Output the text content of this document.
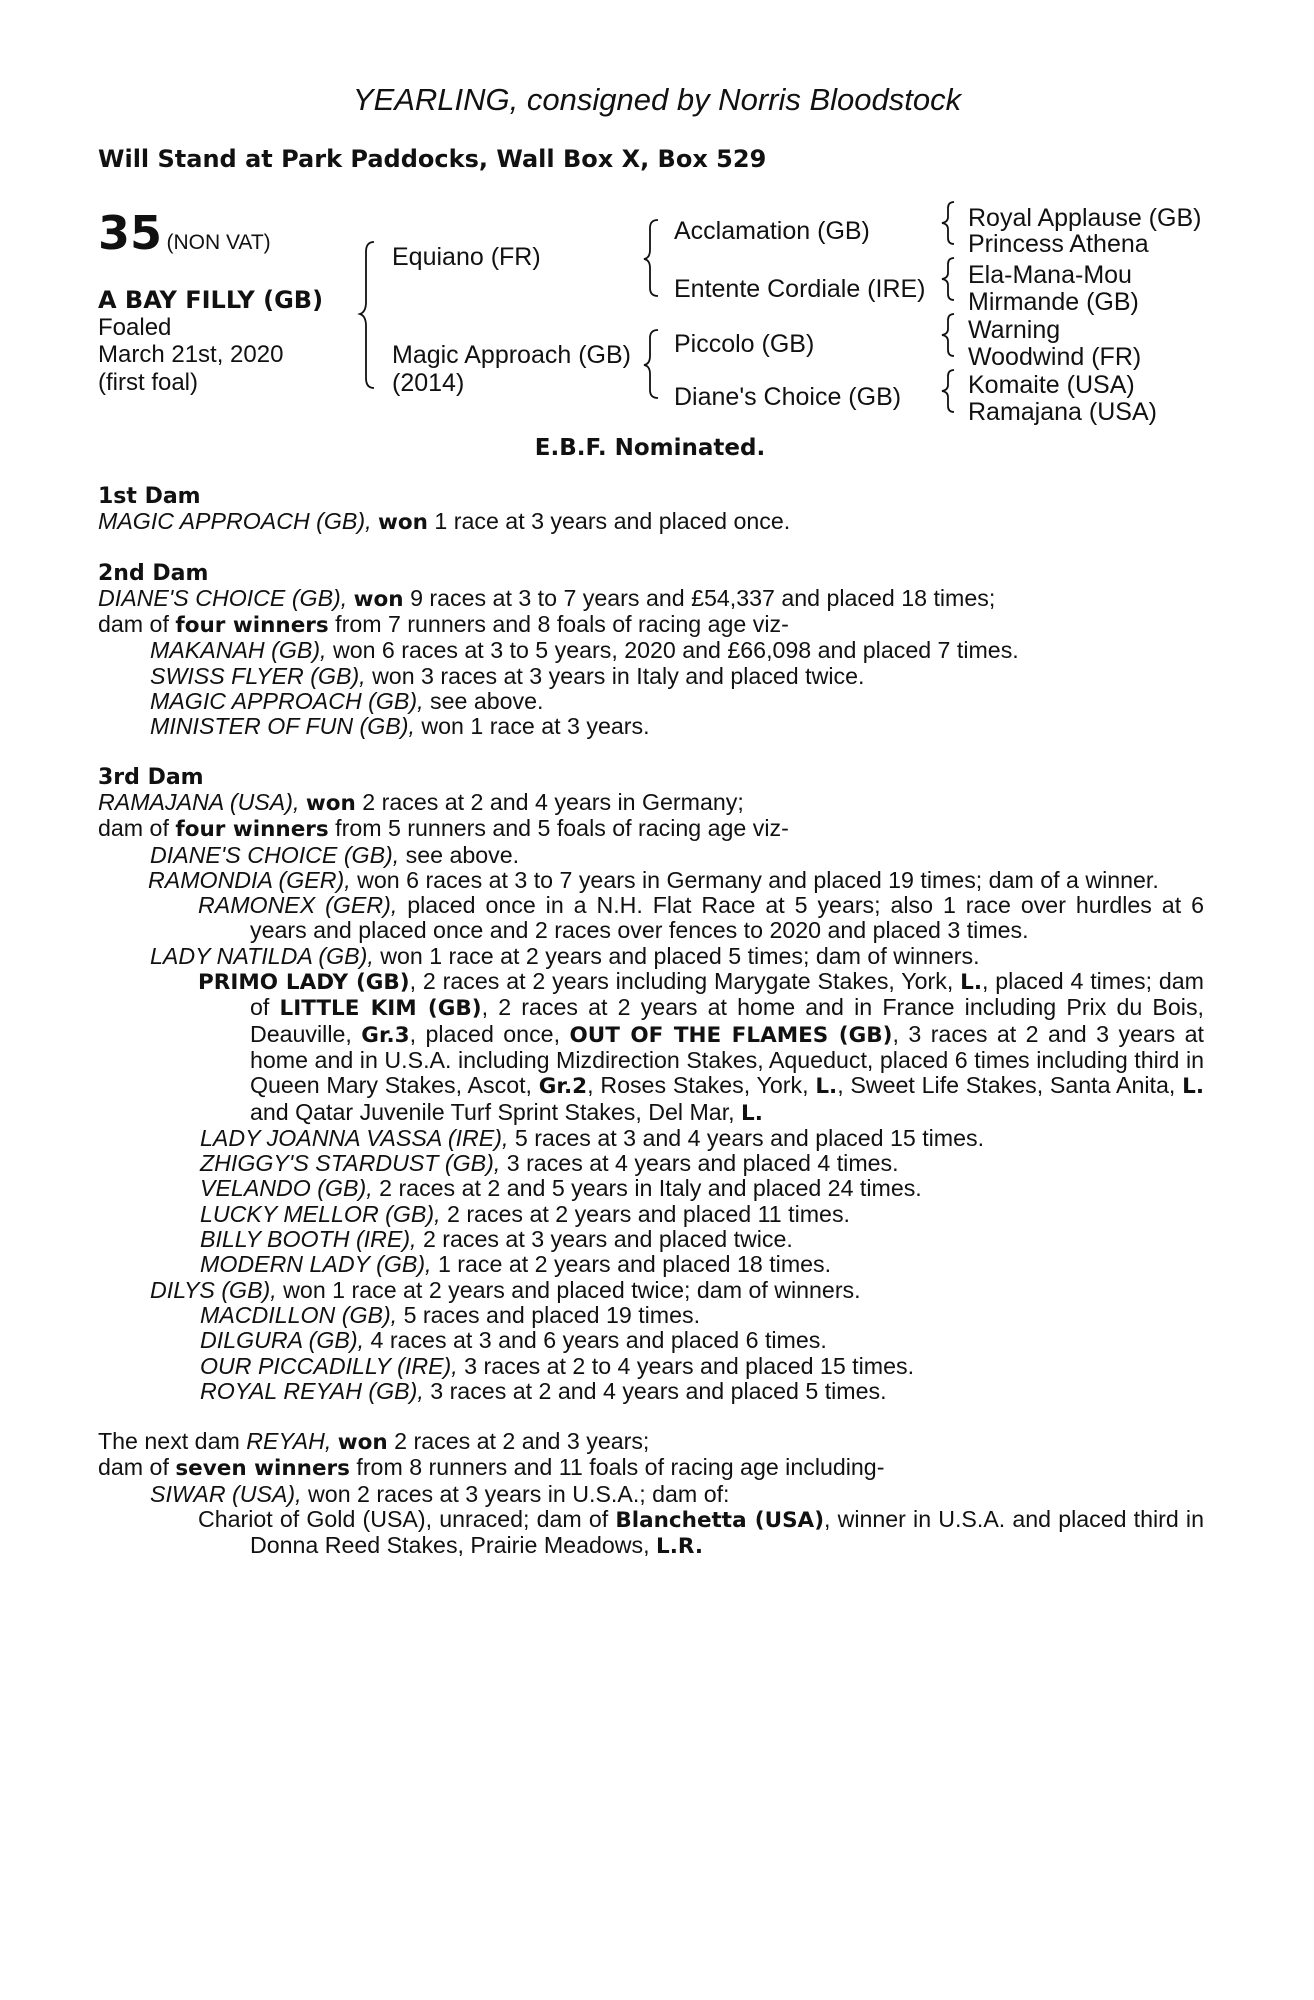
YEARLING, consigned by Norris Bloodstock
Will Stand at Park Paddocks, Wall Box X, Box 529
35 (NON VAT)
A BAY FILLY (GB)
Foaled
March 21st, 2020
(first foal)
Equiano (FR)
Magic Approach (GB)
(2014)
Acclamation (GB)
Entente Cordiale (IRE)
Piccolo (GB)
Diane's Choice (GB)
Royal Applause (GB)
Princess Athena
Ela-Mana-Mou
Mirmande (GB)
Warning
Woodwind (FR)
Komaite (USA)
Ramajana (USA)
E.B.F. Nominated.
1st Dam
MAGIC APPROACH (GB), won 1 race at 3 years and placed once.
2nd Dam
DIANE'S CHOICE (GB), won 9 races at 3 to 7 years and £54,337 and placed 18 times;
dam of four winners from 7 runners and 8 foals of racing age viz-
MAKANAH (GB), won 6 races at 3 to 5 years, 2020 and £66,098 and placed 7 times.
SWISS FLYER (GB), won 3 races at 3 years in Italy and placed twice.
MAGIC APPROACH (GB), see above.
MINISTER OF FUN (GB), won 1 race at 3 years.
3rd Dam
RAMAJANA (USA), won 2 races at 2 and 4 years in Germany;
dam of four winners from 5 runners and 5 foals of racing age viz-
DIANE'S CHOICE (GB), see above.
RAMONDIA (GER), won 6 races at 3 to 7 years in Germany and placed 19 times; dam of a winner.
RAMONEX (GER), placed once in a N.H. Flat Race at 5 years; also 1 race over hurdles at 6 years and placed once and 2 races over fences to 2020 and placed 3 times.
LADY NATILDA (GB), won 1 race at 2 years and placed 5 times; dam of winners.
PRIMO LADY (GB), 2 races at 2 years including Marygate Stakes, York, L., placed 4 times; dam of LITTLE KIM (GB), 2 races at 2 years at home and in France including Prix du Bois, Deauville, Gr.3, placed once, OUT OF THE FLAMES (GB), 3 races at 2 and 3 years at home and in U.S.A. including Mizdirection Stakes, Aqueduct, placed 6 times including third in Queen Mary Stakes, Ascot, Gr.2, Roses Stakes, York, L., Sweet Life Stakes, Santa Anita, L. and Qatar Juvenile Turf Sprint Stakes, Del Mar, L.
LADY JOANNA VASSA (IRE), 5 races at 3 and 4 years and placed 15 times.
ZHIGGY'S STARDUST (GB), 3 races at 4 years and placed 4 times.
VELANDO (GB), 2 races at 2 and 5 years in Italy and placed 24 times.
LUCKY MELLOR (GB), 2 races at 2 years and placed 11 times.
BILLY BOOTH (IRE), 2 races at 3 years and placed twice.
MODERN LADY (GB), 1 race at 2 years and placed 18 times.
DILYS (GB), won 1 race at 2 years and placed twice; dam of winners.
MACDILLON (GB), 5 races and placed 19 times.
DILGURA (GB), 4 races at 3 and 6 years and placed 6 times.
OUR PICCADILLY (IRE), 3 races at 2 to 4 years and placed 15 times.
ROYAL REYAH (GB), 3 races at 2 and 4 years and placed 5 times.
The next dam REYAH, won 2 races at 2 and 3 years;
dam of seven winners from 8 runners and 11 foals of racing age including-
SIWAR (USA), won 2 races at 3 years in U.S.A.; dam of:
Chariot of Gold (USA), unraced; dam of Blanchetta (USA), winner in U.S.A. and placed third in Donna Reed Stakes, Prairie Meadows, L.R.
